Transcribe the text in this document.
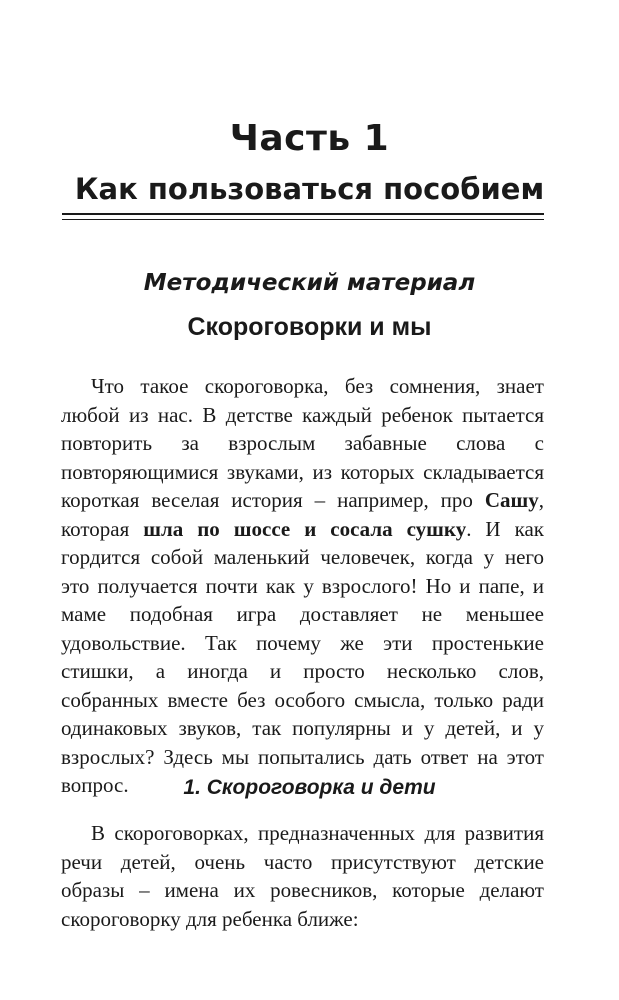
Часть 1
Как пользоваться пособием
Методический материал
Скороговорки и мы

Что такое скороговорка, без сомнения, знает любой из нас. В детстве каждый ребенок пытается повторить за взрослым забавные слова с повторяющимися звуками, из которых складывается короткая веселая история – например, про Сашу, которая шла по шоссе и сосала сушку. И как гордится собой маленький человечек, когда у него это получается почти как у взрослого! Но и папе, и маме подобная игра доставляет не меньшее удовольствие. Так почему же эти простенькие стишки, а иногда и просто несколько слов, собранных вместе без особого смысла, только ради одинаковых звуков, так популярны и у детей, и у взрослых? Здесь мы попытались дать ответ на этот вопрос.	1. Скороговорка и дети

В скороговорках, предназначенных для развития речи детей, очень часто присутствуют детские образы – имена их ровесников, которые делают скороговорку для ребенка ближе:
